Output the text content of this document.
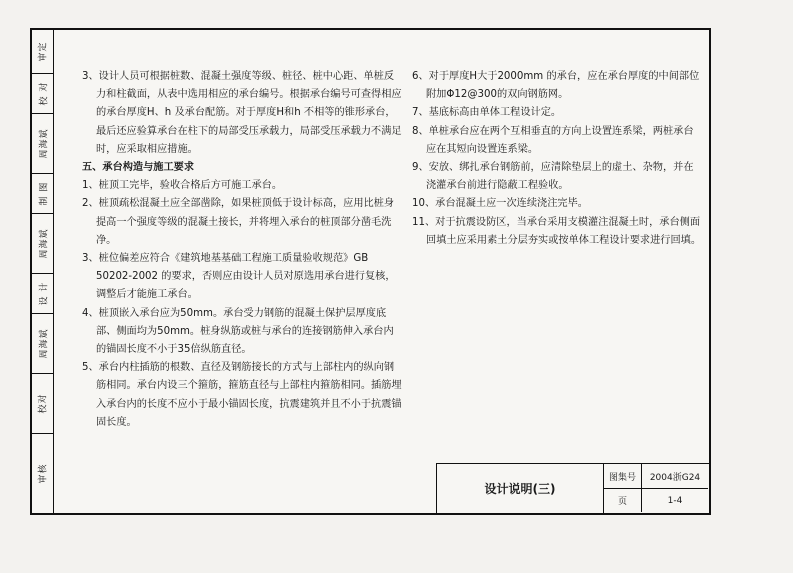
审定
校 对
周海斌
制 图
周海斌
设 计
周海斌
校对
审核

3、设计人员可根据桩数、混凝土强度等级、桩径、桩中心距、单桩反力和柱截面，从表中选用相应的承台编号。根据承台编号可查得相应的承台厚度H、h 及承台配筋。对于厚度H和h 不相等的锥形承台，最后还应验算承台在柱下的局部受压承载力，局部受压承载力不满足时，应采取相应措施。

五、承台构造与施工要求

1、桩顶工完毕，验收合格后方可施工承台。

2、桩顶疏松混凝土应全部凿除，如果桩顶低于设计标高，应用比桩身提高一个强度等级的混凝土接长，并将埋入承台的桩顶部分凿毛洗净。

3、桩位偏差应符合《建筑地基基础工程施工质量验收规范》GB 50202-2002 的要求，否则应由设计人员对原选用承台进行复核，调整后才能施工承台。

4、桩顶嵌入承台应为50mm。承台受力钢筋的混凝土保护层厚度底部、侧面均为50mm。桩身纵筋或桩与承台的连接钢筋伸入承台内的锚固长度不小于35倍纵筋直径。

5、承台内柱插筋的根数、直径及钢筋接长的方式与上部柱内的纵向钢筋相同。承台内设三个箍筋，箍筋直径与上部柱内箍筋相同。插筋埋入承台内的长度不应小于最小锚固长度，抗震建筑并且不小于抗震锚固长度。

6、对于厚度H大于2000mm 的承台，应在承台厚度的中间部位附加Φ12@300的双向钢筋网。

7、基底标高由单体工程设计定。

8、单桩承台应在两个互相垂直的方向上设置连系梁，两桩承台应在其短向设置连系梁。

9、安放、绑扎承台钢筋前，应清除垫层上的虚土、杂物，并在浇灌承台前进行隐蔽工程验收。

10、承台混凝土应一次连续浇注完毕。

11、对于抗震设防区，当承台采用支模灌注混凝土时，承台侧面回填土应采用素土分层夯实或按单体工程设计要求进行回填。

设计说明(三)
图集号	2004浙G24
页	1-4
